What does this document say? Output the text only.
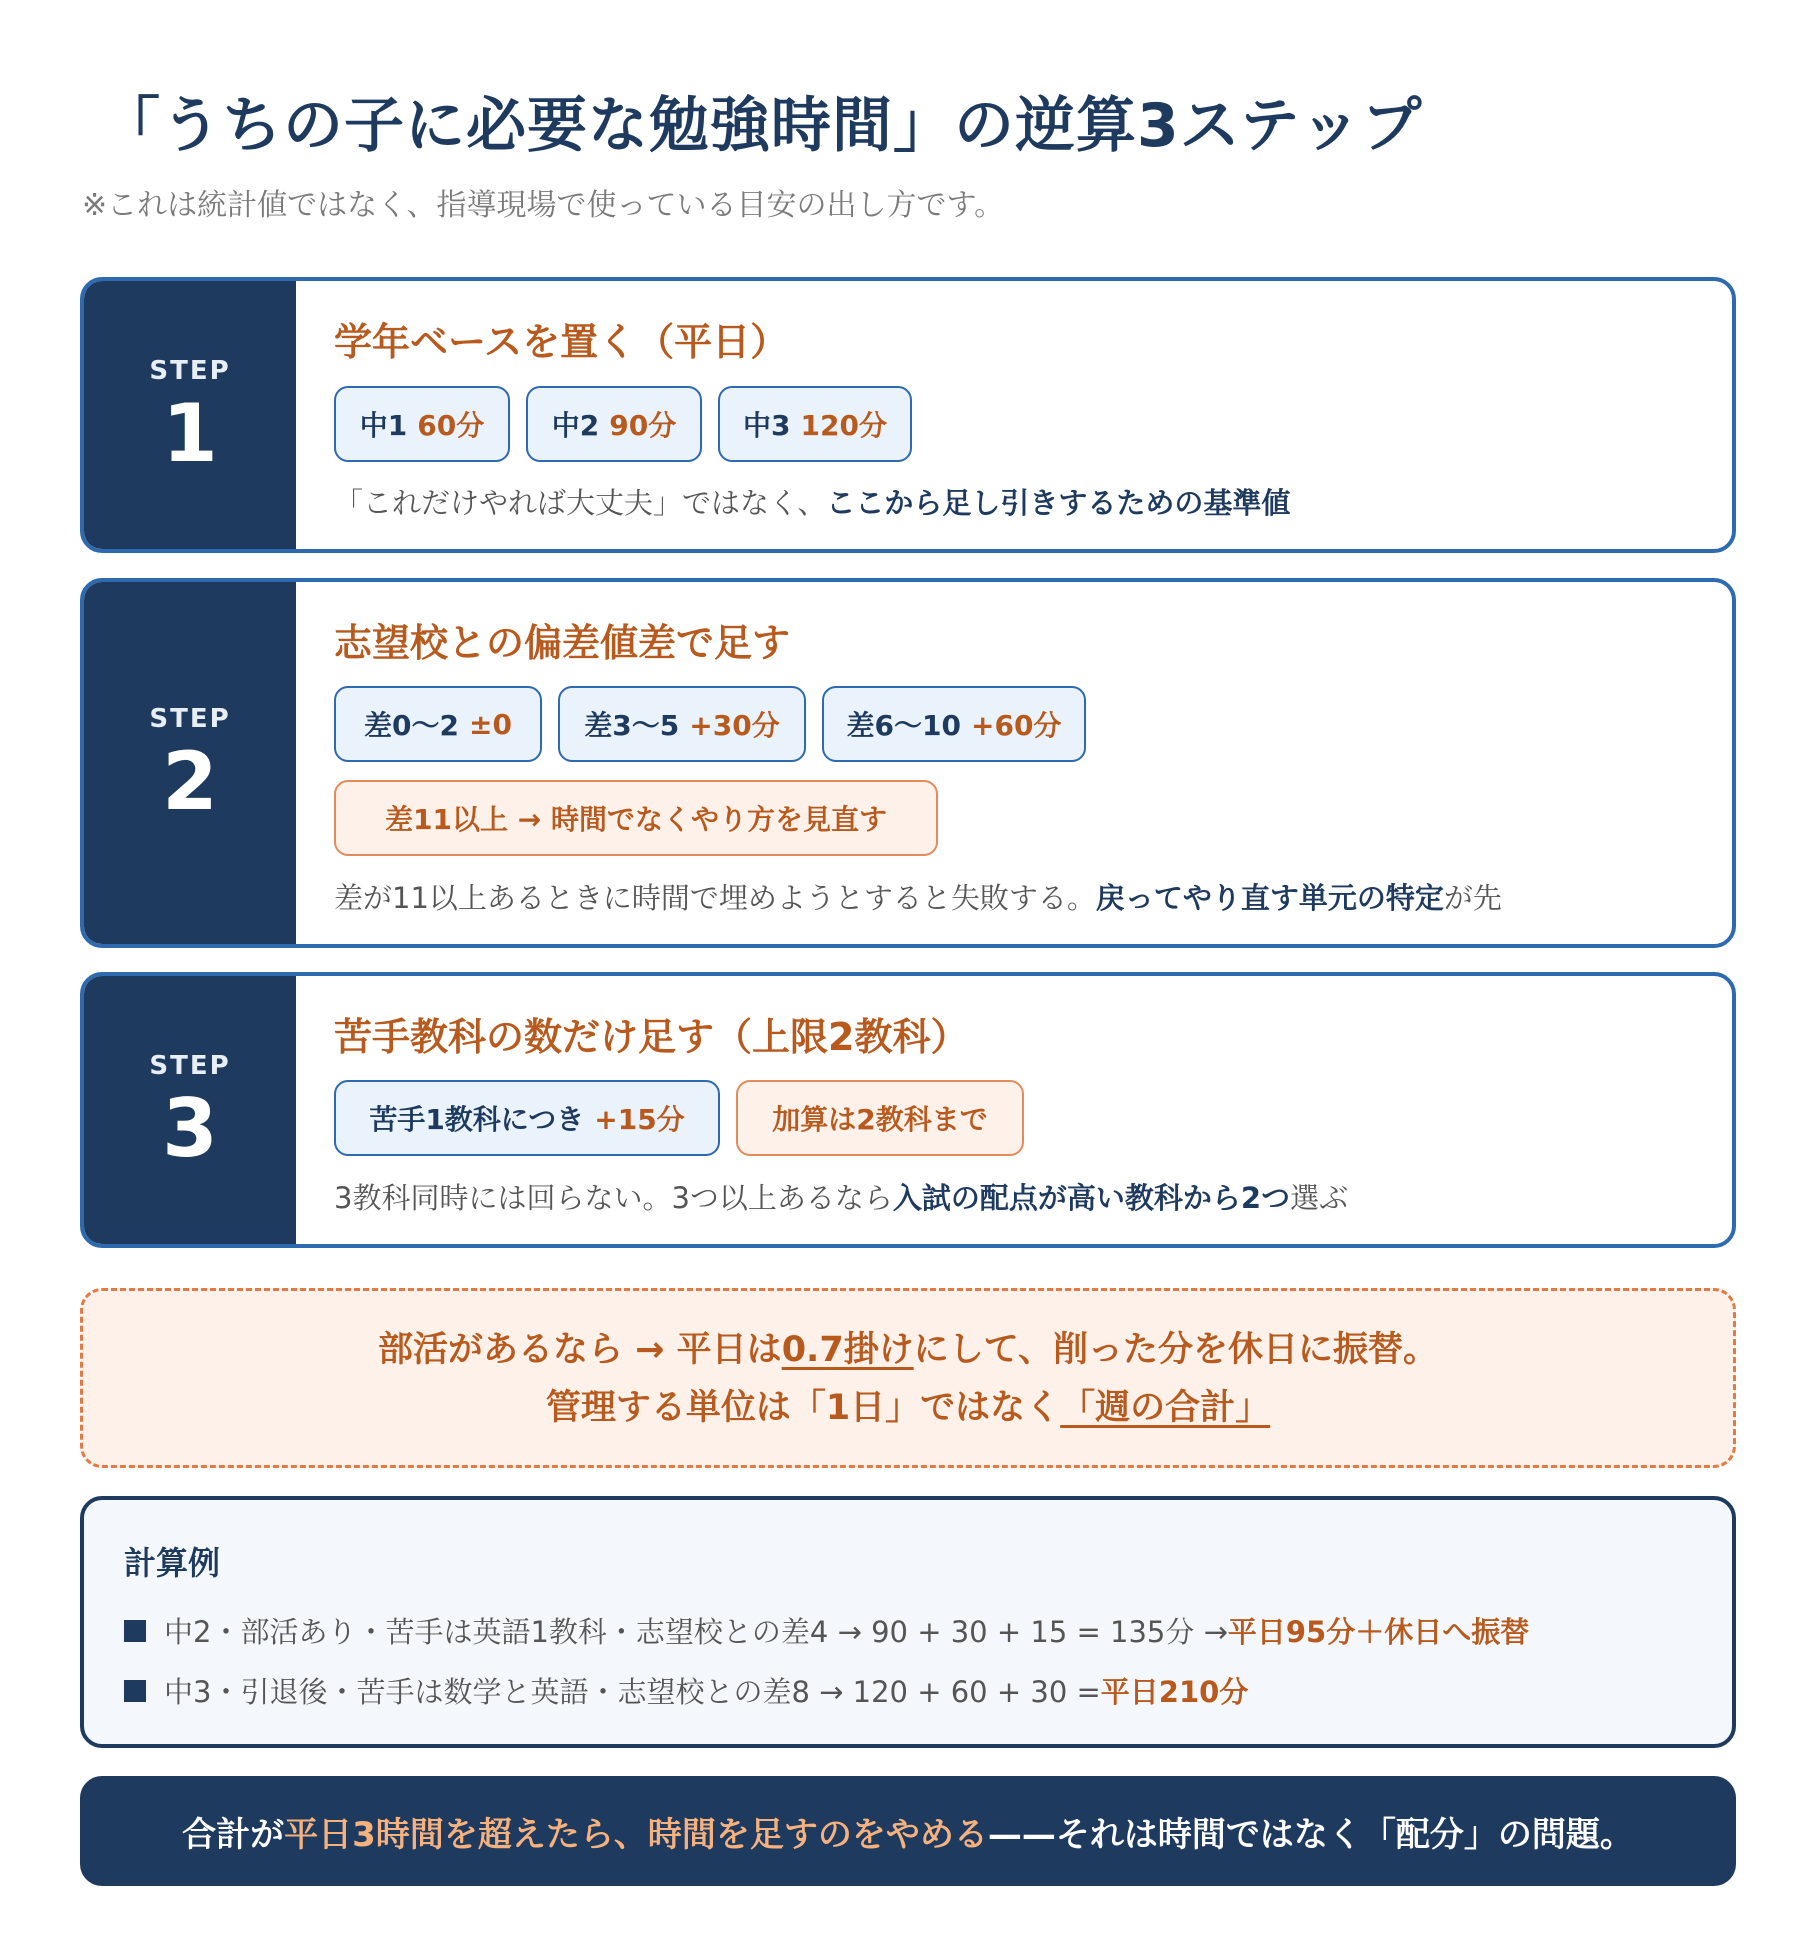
「うちの子に必要な勉強時間」の逆算3ステップ
※これは統計値ではなく、指導現場で使っている目安の出し方です。
STEP
1
学年ベースを置く（平日）
中1 60分 中2 90分 中3 120分
「これだけやれば大丈夫」ではなく、ここから足し引きするための基準値
STEP
2
志望校との偏差値差で足す
差0〜2 ±0	差3〜5 +30分 差6〜10 +60分
差11以上 → 時間でなくやり方を見直す
差が11以上あるときに時間で埋めようとすると失敗する。戻ってやり直す単元の特定が先
STEP
3
苦手教科の数だけ足す（上限2教科）
苦手1教科につき +15分	加算は2教科まで
3教科同時には回らない。3つ以上あるなら入試の配点が高い教科から2つ選ぶ
部活があるなら → 平日は0.7掛けにして、削った分を休日に振替。
管理する単位は「1日」ではなく「週の合計」
計算例
中2・部活あり・苦手は英語1教科・志望校との差4 → 90 + 30 + 15 = 135分 → 平日95分＋休日へ振替
中3・引退後・苦手は数学と英語・志望校との差8 → 120 + 60 + 30 = 平日210分
合計が 平日3時間を超えたら、時間を足すのをやめる ——それは時間ではなく「配分」の問題。
